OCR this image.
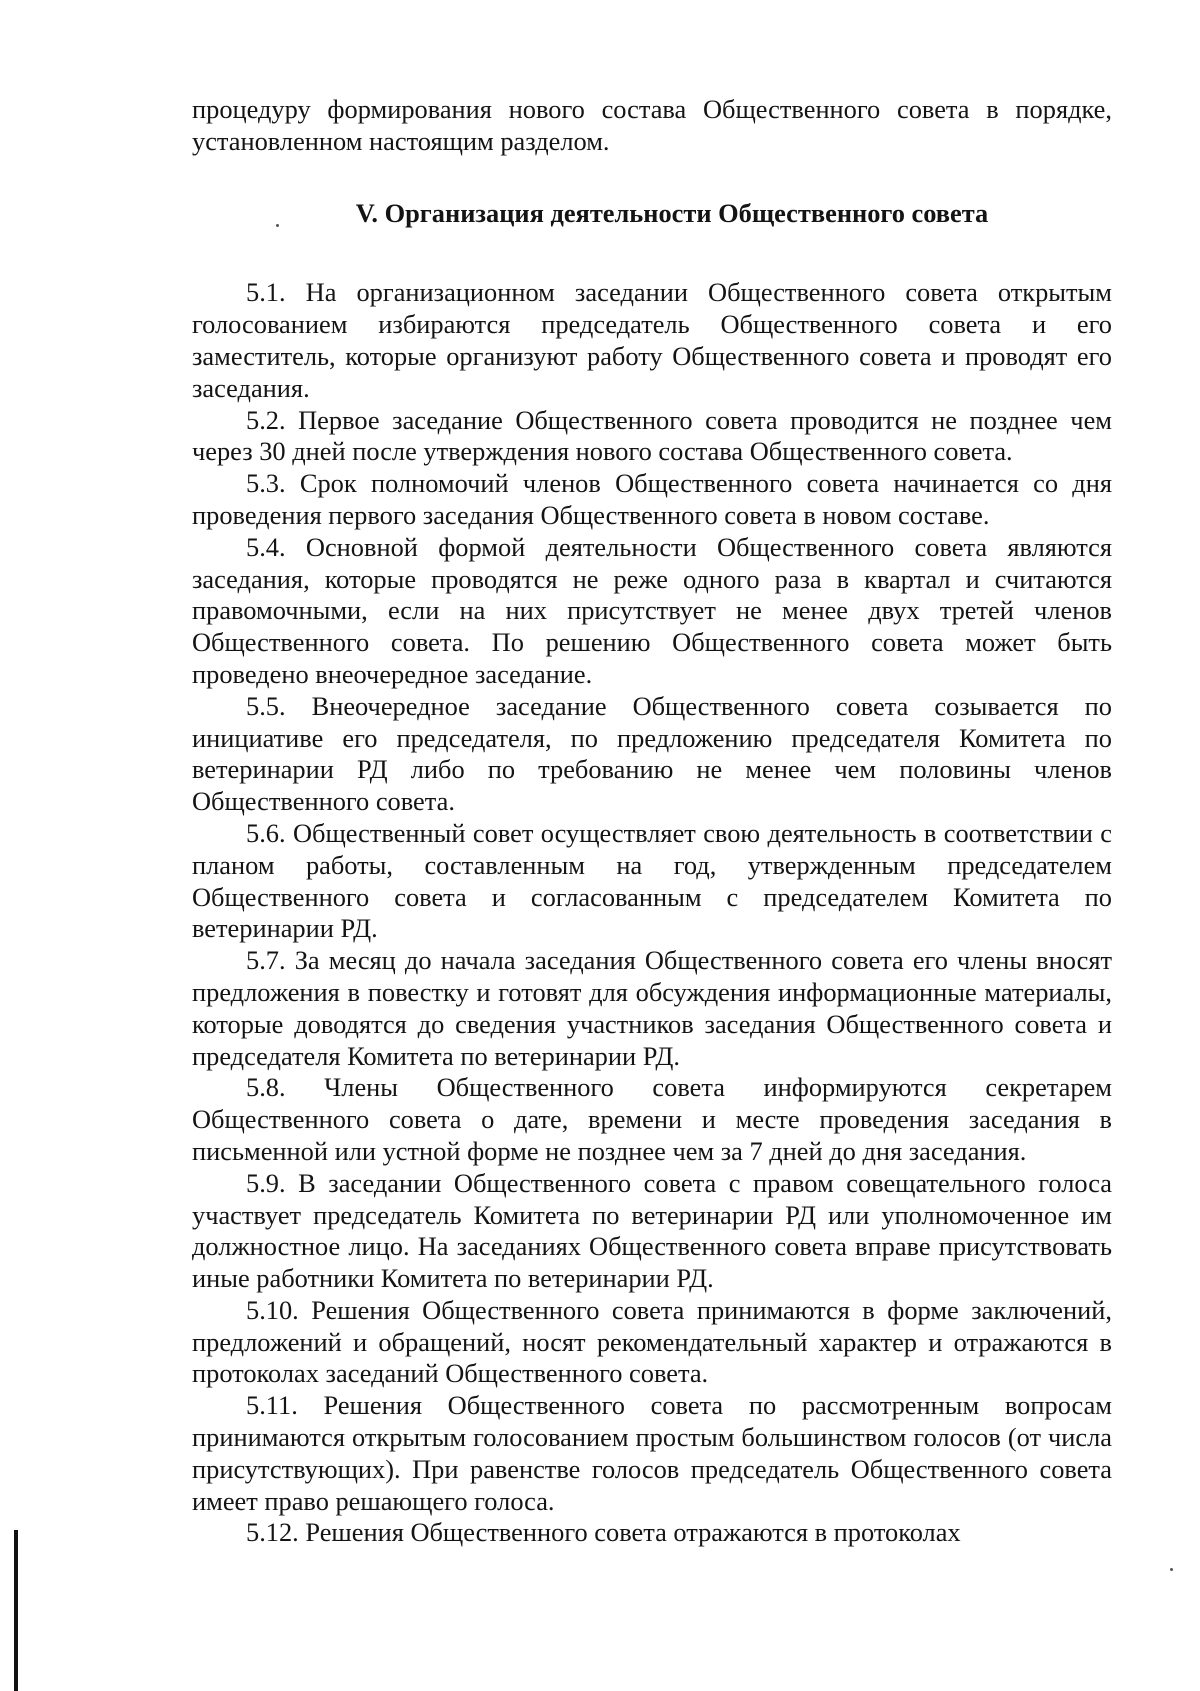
процедуру формирования нового состава Общественного совета в порядке, установленном настоящим разделом.

V. Организация деятельности Общественного совета

5.1. На организационном заседании Общественного совета открытым голосованием избираются председатель Общественного совета и его заместитель, которые организуют работу Общественного совета и проводят его заседания.

5.2. Первое заседание Общественного совета проводится не позднее чем через 30 дней после утверждения нового состава Общественного совета.

5.3. Срок полномочий членов Общественного совета начинается со дня проведения первого заседания Общественного совета в новом составе.

5.4. Основной формой деятельности Общественного совета являются заседания, которые проводятся не реже одного раза в квартал и считаются правомочными, если на них присутствует не менее двух третей членов Общественного совета. По решению Общественного совета может быть проведено внеочередное заседание.

5.5. Внеочередное заседание Общественного совета созывается по инициативе его председателя, по предложению председателя Комитета по ветеринарии РД либо по требованию не менее чем половины членов Общественного совета.

5.6. Общественный совет осуществляет свою деятельность в соответствии с планом работы, составленным на год, утвержденным председателем Общественного совета и согласованным с председателем Комитета по ветеринарии РД.

5.7. За месяц до начала заседания Общественного совета его члены вносят предложения в повестку и готовят для обсуждения информационные материалы, которые доводятся до сведения участников заседания Общественного совета и председателя Комитета по ветеринарии РД.

5.8. Члены Общественного совета информируются секретарем Общественного совета о дате, времени и месте проведения заседания в письменной или устной форме не позднее чем за 7 дней до дня заседания.

5.9. В заседании Общественного совета с правом совещательного голоса участвует председатель Комитета по ветеринарии РД или уполномоченное им должностное лицо. На заседаниях Общественного совета вправе присутствовать иные работники Комитета по ветеринарии РД.

5.10. Решения Общественного совета принимаются в форме заключений, предложений и обращений, носят рекомендательный характер и отражаются в протоколах заседаний Общественного совета.

5.11. Решения Общественного совета по рассмотренным вопросам принимаются открытым голосованием простым большинством голосов (от числа присутствующих). При равенстве голосов председатель Общественного совета имеет право решающего голоса.

5.12. Решения Общественного совета отражаются в протоколах
